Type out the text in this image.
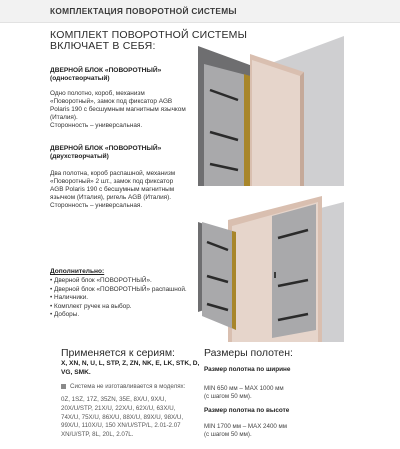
КОМПЛЕКТАЦИЯ ПОВОРОТНОЙ СИСТЕМЫ
КОМПЛЕКТ ПОВОРОТНОЙ СИСТЕМЫ
ВКЛЮЧАЕТ В СЕБЯ:
ДВЕРНОЙ БЛОК «ПОВОРОТНЫЙ»
(одностворчатый)
Одно полотно, короб, механизм
«Поворотный», замок под фиксатор AGB
Polaris 190 с бесшумным магнитным язычком
(Италия).
Сторонность – универсальная.
ДВЕРНОЙ БЛОК «ПОВОРОТНЫЙ»
(двухстворчатый)
Два полотна, короб распашной, механизм
«Поворотный» 2 шт., замок под фиксатор
AGB Polaris 190 с бесшумным магнитным
язычком (Италия), ригель AGB (Италия).
Сторонность – универсальная.
Дополнительно:
• Дверной блок «ПОВОРОТНЫЙ».
• Дверной блок «ПОВОРОТНЫЙ» распашной.
• Наличники.
• Комплект ручек на выбор.
• Доборы.
Применяется к сериям:
X, XN, N, U, L, STP, Z, ZN, NK, E, LK, STK, D,
VG, SMK.
Система не изготавливается в моделях:
0Z, 1SZ, 17Z, 35ZN, 35E, 8X/U, 9X/U,
20X/U/STP, 21X/U, 22X/U, 62X/U, 63X/U,
74X/U, 75X/U, 86X/U, 88X/U, 89X/U, 98X/U,
99X/U, 110X/U, 150 XN/U/STP/L, 2.01-2.07
XN/U/STP, 8L, 20L, 2.07L.
Размеры полотен:
Размер полотна по ширине
MIN 650 мм – MAX 1000 мм
(с шагом 50 мм).
Размер полотна по высоте
MIN 1700 мм – MAX 2400 мм
(с шагом 50 мм).
